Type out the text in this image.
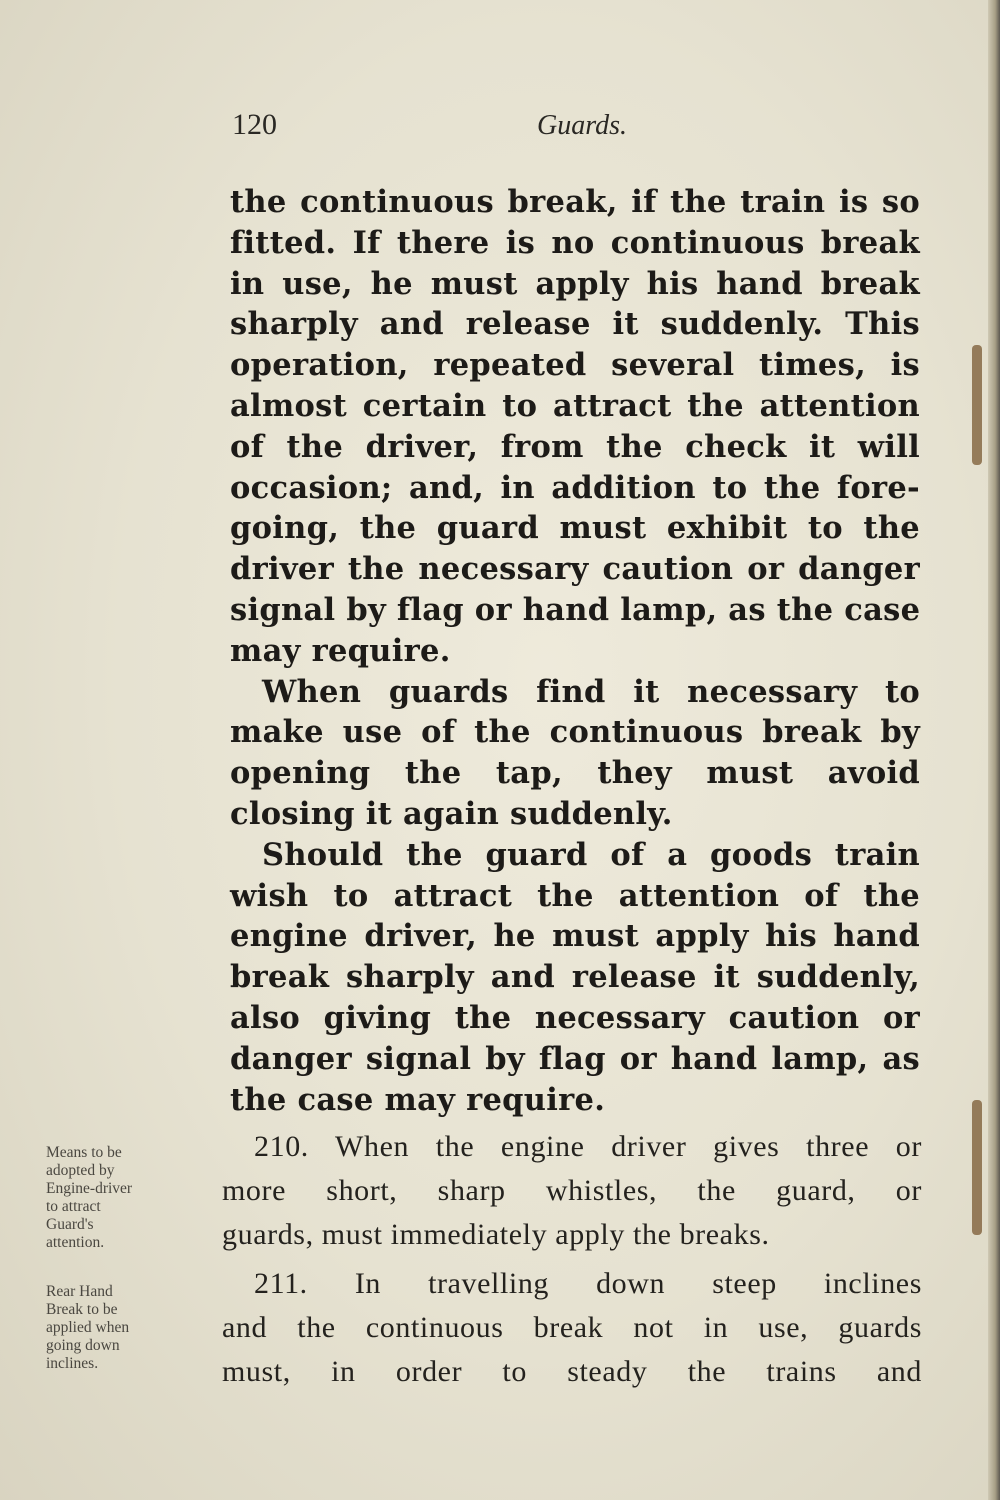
120	Guards.
the continuous break, if the train is so
fitted. If there is no continuous break
in use, he must apply his hand break
sharply and release it suddenly. This
operation, repeated several times, is
almost certain to attract the attention
of the driver, from the check it will
occasion; and, in addition to the fore-
going, the guard must exhibit to the
driver the necessary caution or danger
signal by flag or hand lamp, as the case
may require.
When guards find it necessary to
make use of the continuous break by
opening the tap, they must avoid
closing it again suddenly.
Should the guard of a goods train
wish to attract the attention of the
engine driver, he must apply his hand
break sharply and release it suddenly,
also giving the necessary caution or
danger signal by flag or hand lamp, as
the case may require.
Means to be
adopted by
Engine-driver
to attract
Guard's
attention.
210. When the engine driver gives three or
more short, sharp whistles, the guard, or
guards, must immediately apply the breaks.
Rear Hand
Break to be
applied when
going down
inclines.
211. In travelling down steep inclines
and the continuous break not in use, guards
must, in order to steady the trains and
